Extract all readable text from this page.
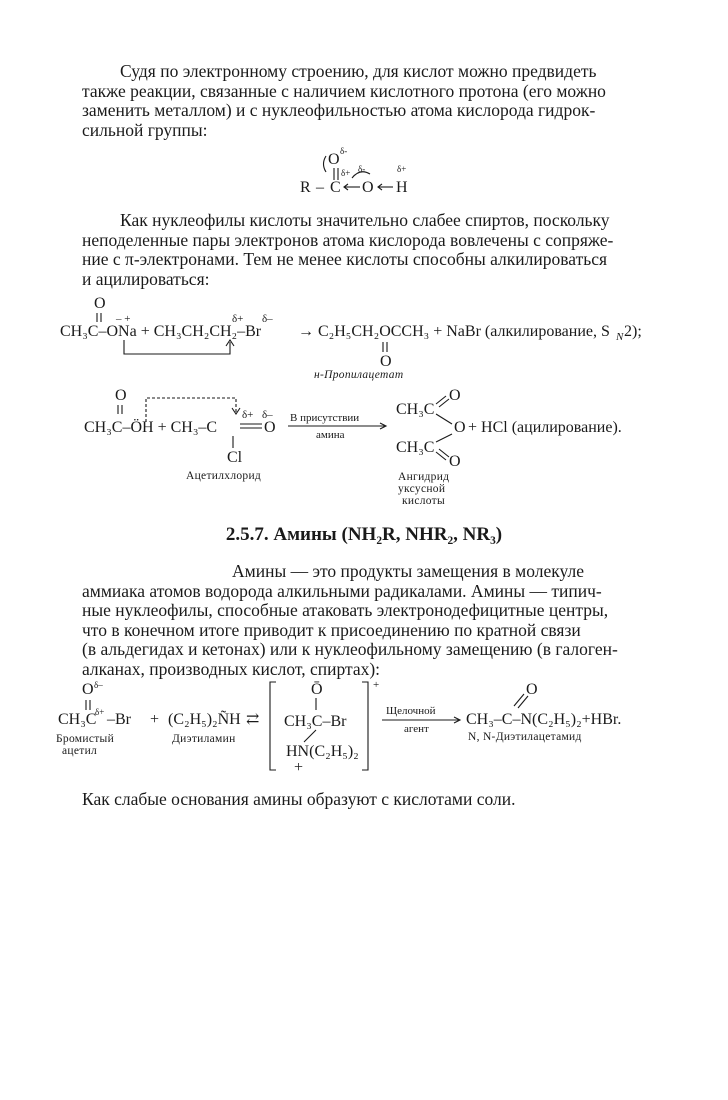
Судя по электронному строению, для кислот можно предвидеть
также реакции, связанные с наличием кислотного протона (его можно
заменить металлом) и с нуклеофильностью атома кислорода гидрок-
сильной группы:
O δ-
δ+ δ-	δ+
R – C O H
Как нуклеофилы кислоты значительно слабее спиртов, поскольку
неподеленные пары электронов атома кислорода вовлечены с сопряже-
ние с π-электронами. Тем не менее кислоты способны алкилироваться
и ацилироваться:
O
– +	δ+ δ–
CH₃C–ONa + CH₃CH₂CH₂–Br → C₂H₅CH₂OCCH₃ + NaBr (алкилирование, S N 2);
O
н-Пропилацетат
O
δ+ δ–
CH₃C–ÖH + CH₃–C	O
Cl
Ацетилхлорид
В присутствии
амина
CH₃C
O
O
CH₃C
O
+ HCl (ацилирование).
Ангидрид
уксусной
кислоты
2.5.7. Амины (NH₂R, NHR₂, NR₃)
Амины — это продукты замещения в молекуле
аммиака атомов водорода алкильными радикалами. Амины — типич-
ные нуклеофилы, способные атаковать электронодефицитные центры,
что в конечном итоге приводит к присоединению по кратной связи
(в альдегидах и кетонах) или к нуклеофильному замещению (в галоген-
алканах, производных кислот, спиртах):
O δ–
CH₃C
δ+ –Br + (C₂H₅)₂ÑH ⇄
Бромистый
ацетил
Диэтиламин
+
Ō
CH₃C–Br
HN(C₂H₅)₂
+
Щелочной
агент
O
CH₃–C–N(C₂H₅)₂+HBr.
N, N-Диэтилацетамид
Как слабые основания амины образуют с кислотами соли.
